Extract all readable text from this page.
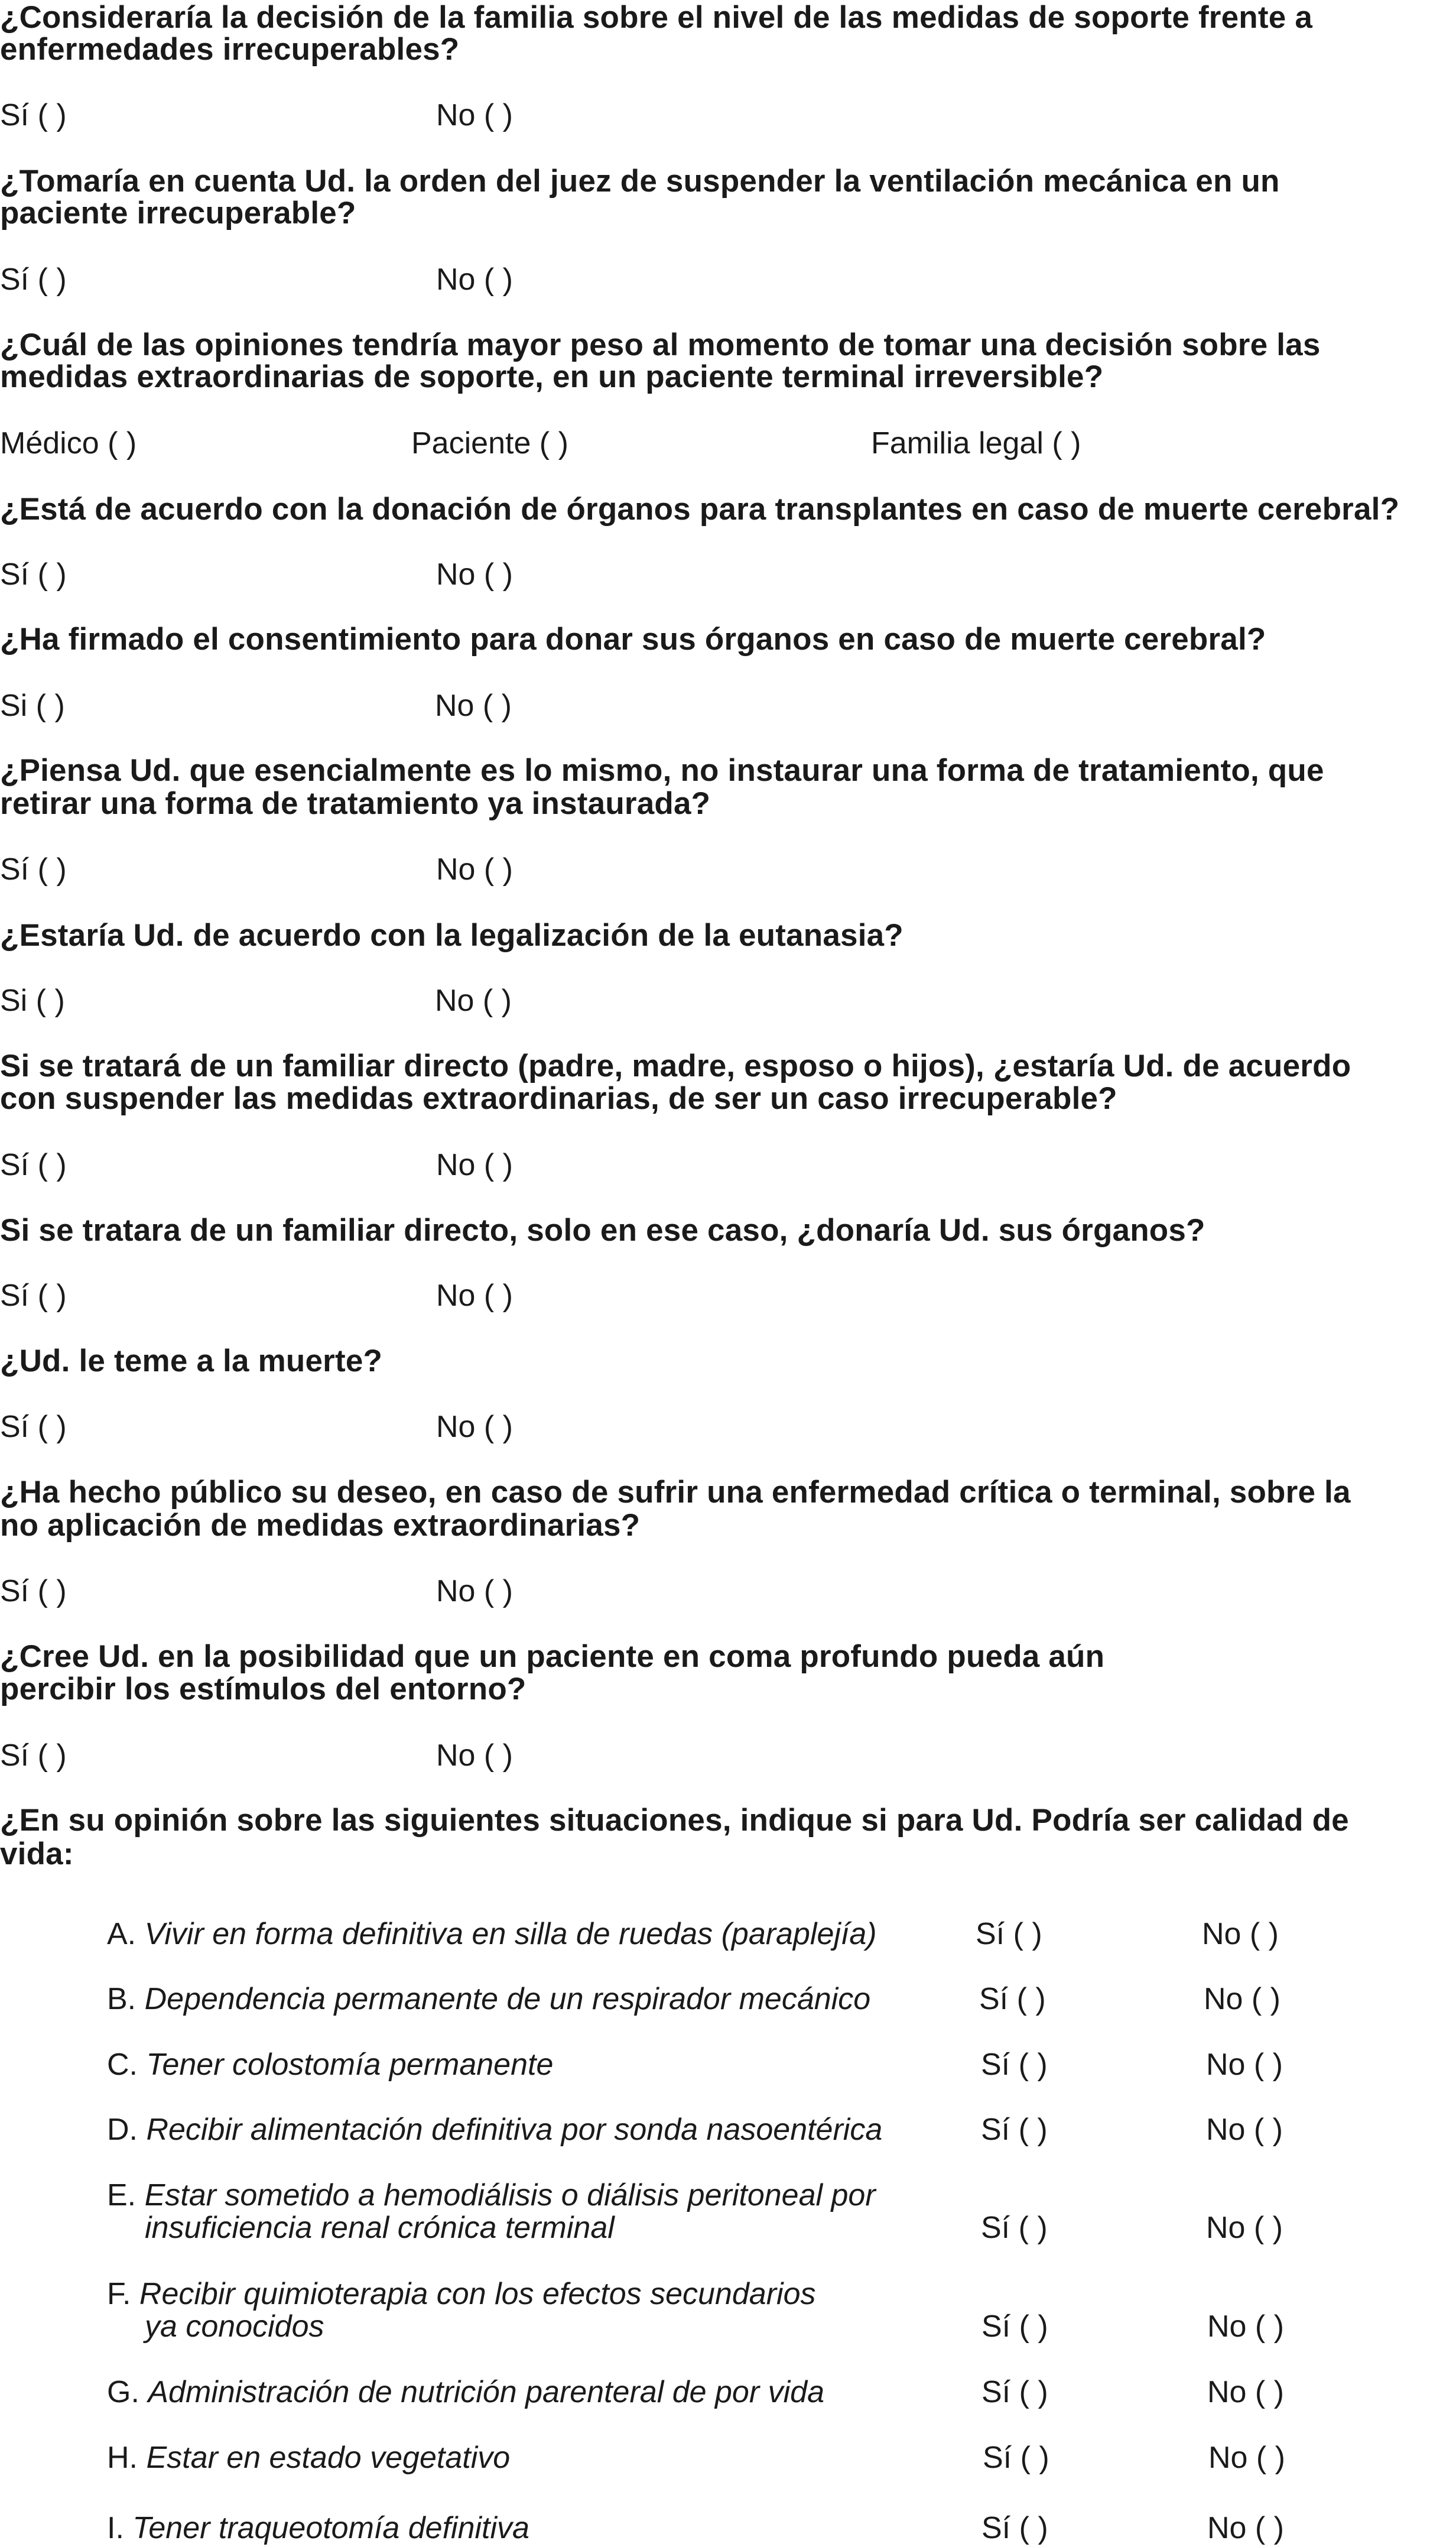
¿Consideraría la decisión de la familia sobre el nivel de las medidas de soporte frente a

enfermedades irrecuperables?

Sí ( )	No ( )

¿Tomaría en cuenta Ud. la orden del juez de suspender la ventilación mecánica en un

paciente irrecuperable?

Sí ( )	No ( )

¿Cuál de las opiniones tendría mayor peso al momento de tomar una decisión sobre las

medidas extraordinarias de soporte, en un paciente terminal irreversible?

Médico ( )	Paciente ( )	Familia legal ( )

¿Está de acuerdo con la donación de órganos para transplantes en caso de muerte cerebral?

Sí ( )	No ( )

¿Ha firmado el consentimiento para donar sus órganos en caso de muerte cerebral?

Si ( )	No ( )

¿Piensa Ud. que esencialmente es lo mismo, no instaurar una forma de tratamiento, que

retirar una forma de tratamiento ya instaurada?

Sí ( )	No ( )

¿Estaría Ud. de acuerdo con la legalización de la eutanasia?

Si ( )	No ( )

Si se tratará de un familiar directo (padre, madre, esposo o hijos), ¿estaría Ud. de acuerdo

con suspender las medidas extraordinarias, de ser un caso irrecuperable?

Sí ( )	No ( )

Si se tratara de un familiar directo, solo en ese caso, ¿donaría Ud. sus órganos?

Sí ( )	No ( )

¿Ud. le teme a la muerte?

Sí ( )	No ( )

¿Ha hecho público su deseo, en caso de sufrir una enfermedad crítica o terminal, sobre la

no aplicación de medidas extraordinarias?

Sí ( )	No ( )

¿Cree Ud. en la posibilidad que un paciente en coma profundo pueda aún

percibir los estímulos del entorno?

Sí ( )	No ( )

¿En su opinión sobre las siguientes situaciones, indique si para Ud. Podría ser calidad de

vida:

A. Vivir en forma definitiva en silla de ruedas (paraplejía)	Sí ( )	No ( )

B. Dependencia permanente de un respirador mecánico	Sí ( )	No ( )

C. Tener colostomía permanente	Sí ( )	No ( )

D. Recibir alimentación definitiva por sonda nasoentérica	Sí ( )	No ( )

E. Estar sometido a hemodiálisis o diálisis peritoneal por

insuficiencia renal crónica terminal	Sí ( )	No ( )

F. Recibir quimioterapia con los efectos secundarios

ya conocidos	Sí ( )	No ( )

G. Administración de nutrición parenteral de por vida	Sí ( )	No ( )

H. Estar en estado vegetativo	Sí ( )	No ( )

I. Tener traqueotomía definitiva	Sí ( )	No ( )
